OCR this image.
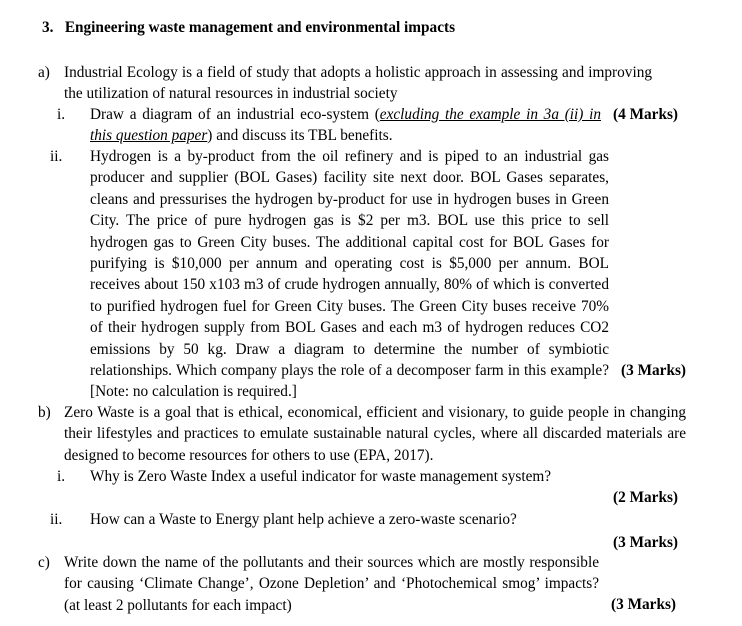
3. Engineering waste management and environmental impacts
a) Industrial Ecology is a field of study that adopts a holistic approach in assessing and improving the utilization of natural resources in industrial society
i.	(4 Marks)
Draw a diagram of an industrial eco-system (excluding the example in 3a (ii) in this question paper) and discuss its TBL benefits.
ii.
(3 Marks)
Hydrogen is a by-product from the oil refinery and is piped to an industrial gas producer and supplier (BOL Gases) facility site next door. BOL Gases separates, cleans and pressurises the hydrogen by-product for use in hydrogen buses in Green City. The price of pure hydrogen gas is $2 per m3. BOL use this price to sell hydrogen gas to Green City buses. The additional capital cost for BOL Gases for purifying is $10,000 per annum and operating cost is $5,000 per annum. BOL receives about 150 x103 m3 of crude hydrogen annually, 80% of which is converted to purified hydrogen fuel for Green City buses. The Green City buses receive 70% of their hydrogen supply from BOL Gases and each m3 of hydrogen reduces CO2 emissions by 50 kg. Draw a diagram to determine the number of symbiotic relationships. Which company plays the role of a decomposer farm in this example? [Note: no calculation is required.]
b) Zero Waste is a goal that is ethical, economical, efficient and visionary, to guide people in changing their lifestyles and practices to emulate sustainable natural cycles, where all discarded materials are designed to become resources for others to use (EPA, 2017).
i. Why is Zero Waste Index a useful indicator for waste management system?
(2 Marks)
ii. How can a Waste to Energy plant help achieve a zero-waste scenario?
(3 Marks)
c)
(3 Marks)
Write down the name of the pollutants and their sources which are mostly responsible for causing ‘Climate Change’, Ozone Depletion’ and ‘Photochemical smog’ impacts? (at least 2 pollutants for each impact)
